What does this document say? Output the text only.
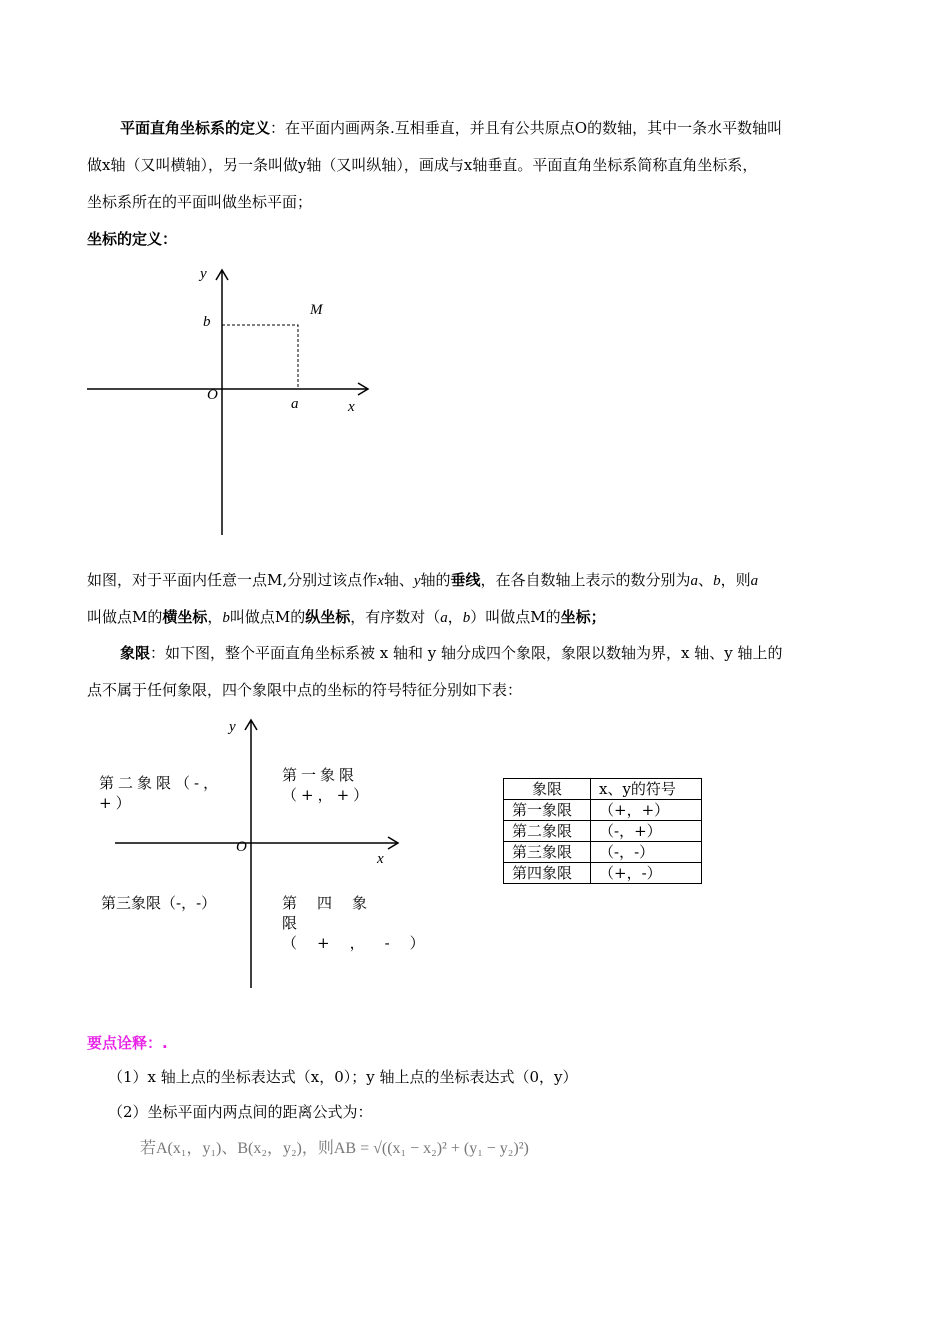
平面直角坐标系的定义：在平面内画两条.互相垂直，并且有公共原点O的数轴，其中一条水平数轴叫
做x轴（又叫横轴），另一条叫做y轴（又叫纵轴），画成与x轴垂直。平面直角坐标系简称直角坐标系，
坐标系所在的平面叫做坐标平面；
坐标的定义：
y
b
M
O
a	x
如图，对于平面内任意一点M,分别过该点作x轴、y轴的垂线，在各自数轴上表示的数分别为a、b，则a
叫做点M的横坐标，b叫做点M的纵坐标，有序数对（a，b）叫做点M的坐标；
象限：如下图，整个平面直角坐标系被 x 轴和 y 轴分成四个象限，象限以数轴为界，x 轴、y 轴上的
点不属于任何象限，四个象限中点的坐标的符号特征分别如下表：
y
O
x
第二象限（-，+）
第一象限（+，+）
第三象限（-，-）	第四象限（+，-）
象限	x、y的符号
第一象限	（+，+）
第二象限	（-，+）
第三象限	（-，-）
第四象限	（+，-）
要点诠释：.
（1）x 轴上点的坐标表达式（x，0）；y 轴上点的坐标表达式（0，y）
（2）坐标平面内两点间的距离公式为：
若A(x₁，y₁)、B(x₂，y₂)，则AB = √((x₁ − x₂)² + (y₁ − y₂)²)
